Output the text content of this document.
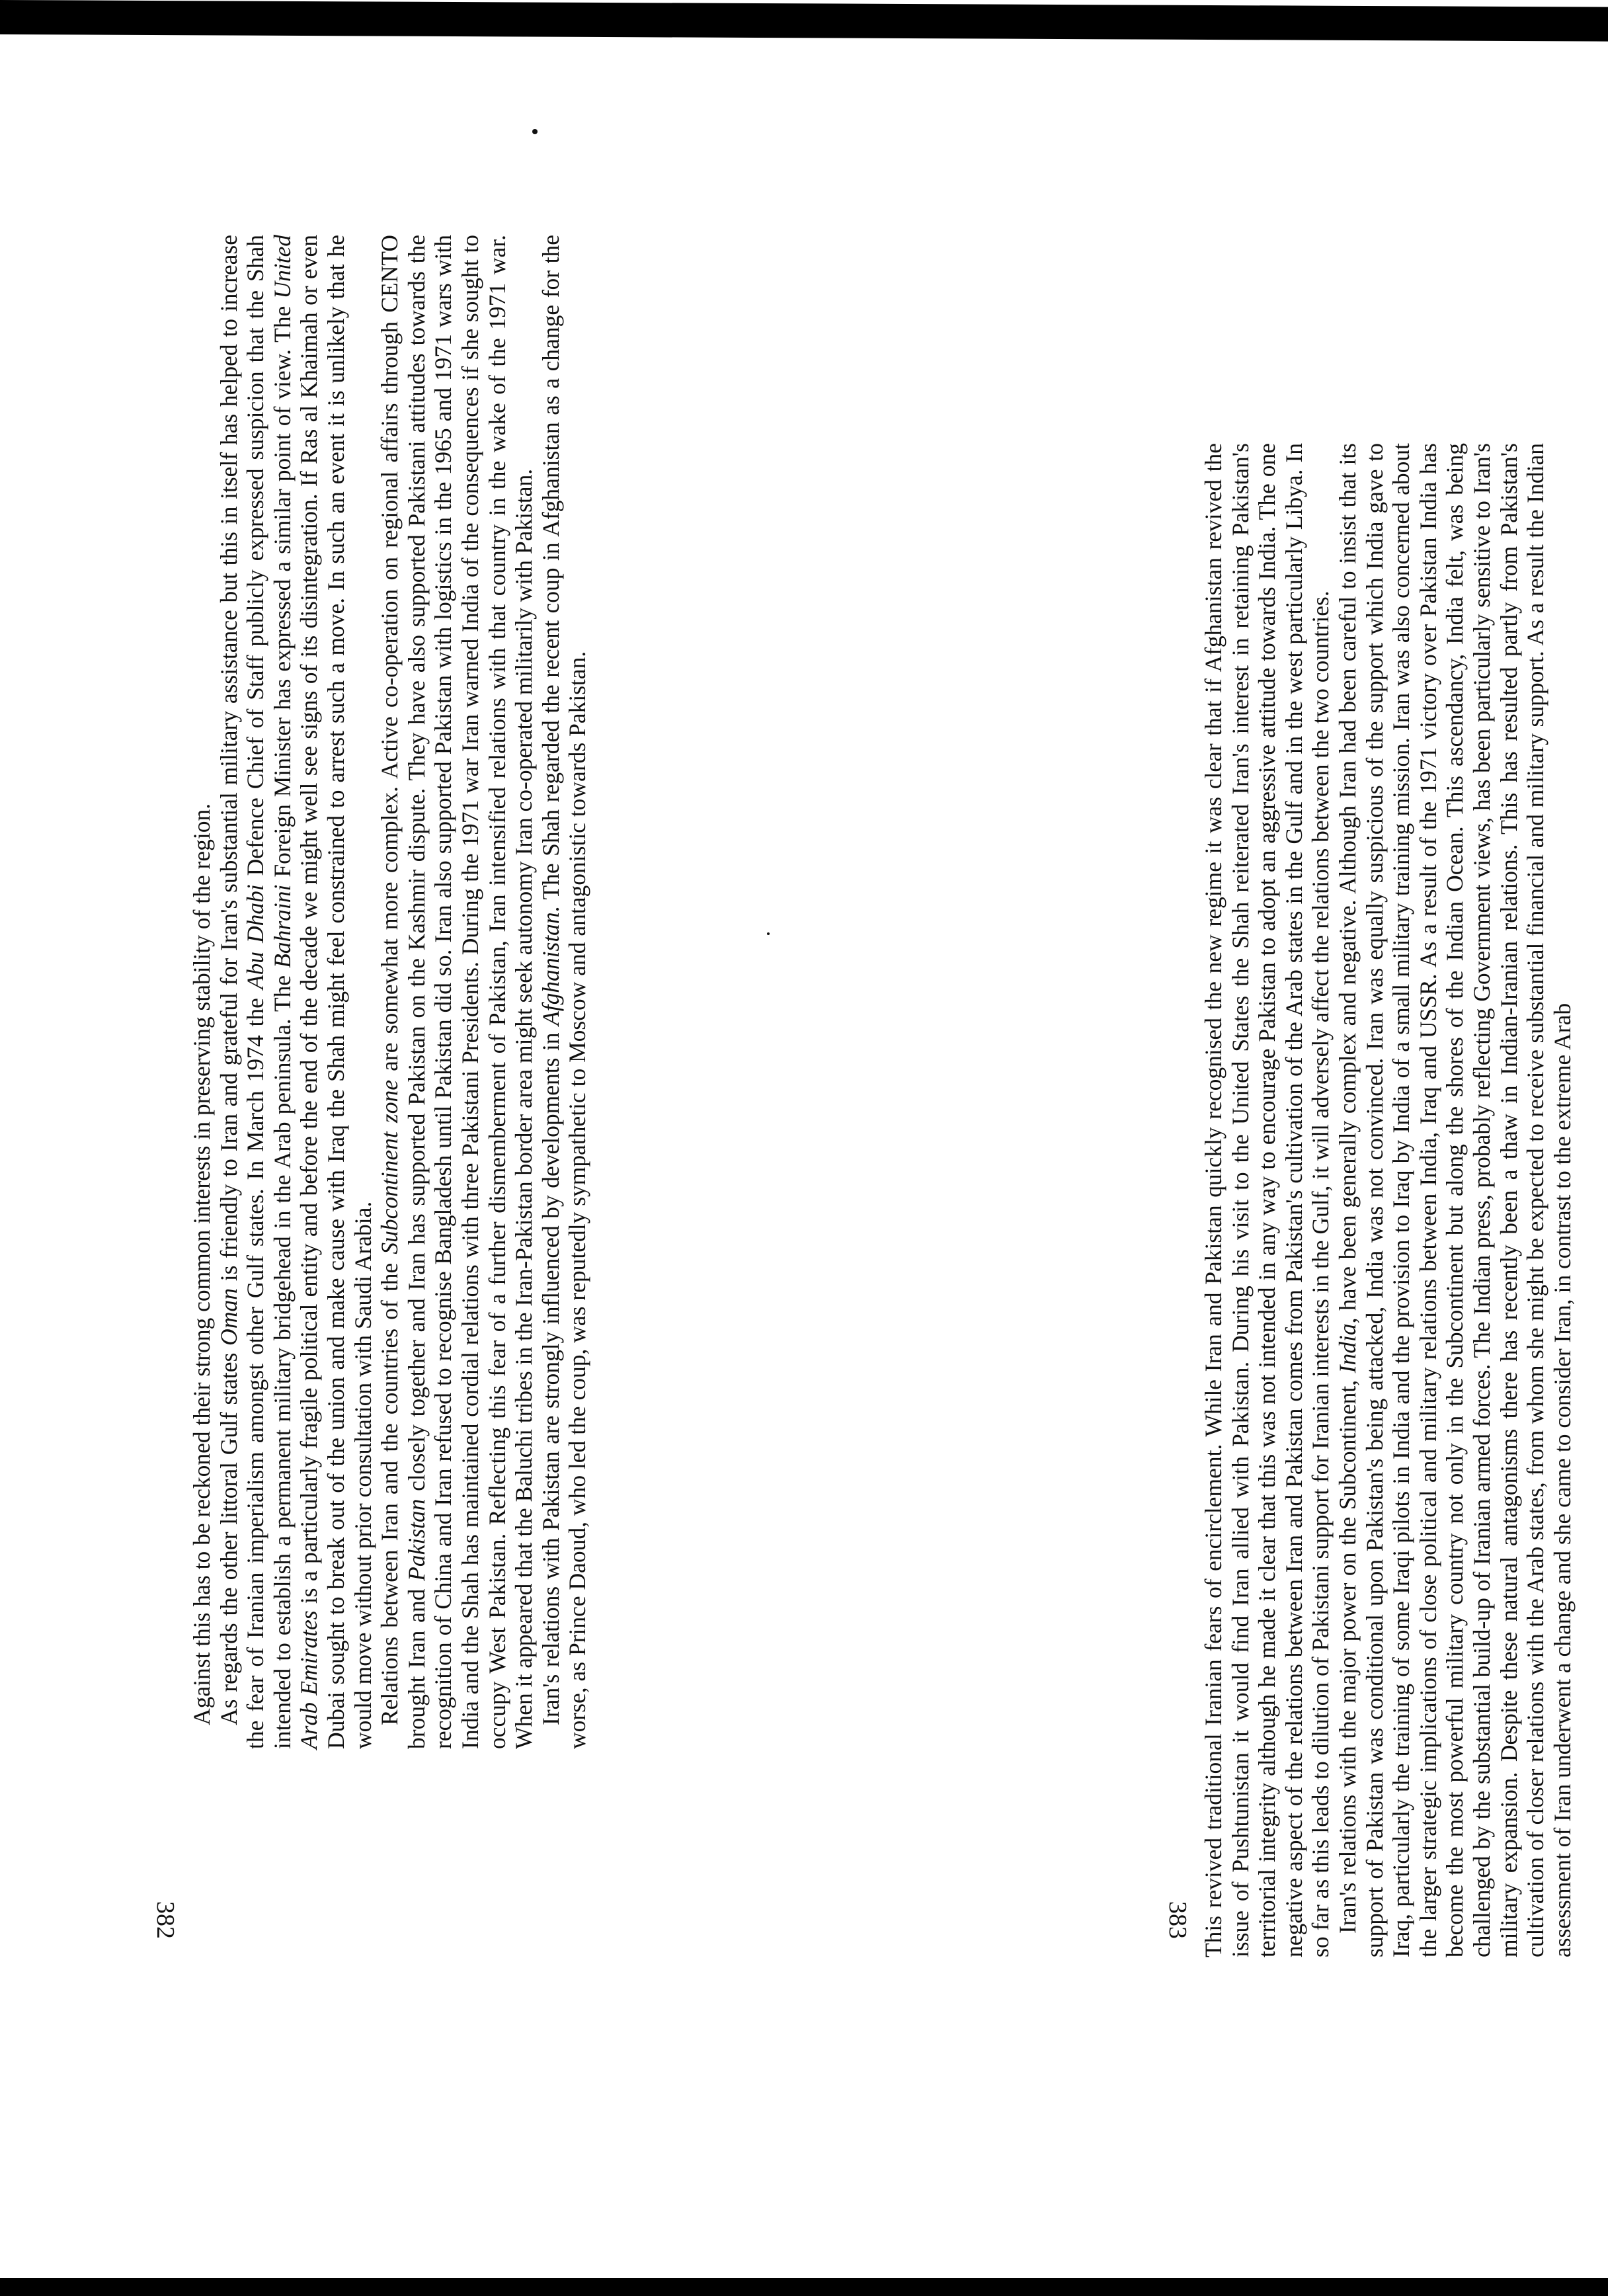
Against this has to be reckoned their strong common interests in preserving stability of the region. As regards the other littoral Gulf states Oman is friendly to Iran and grateful for Iran's substantial military assistance but this in itself has helped to increase the fear of Iranian imperialism amongst other Gulf states. In March 1974 the Abu Dhabi Defence Chief of Staff publicly expressed suspicion that the Shah intended to establish a permanent military bridgehead in the Arab peninsula. The Bahraini Foreign Minister has expressed a similar point of view. The United Arab Emirates is a particularly fragile political entity and before the end of the decade we might well see signs of its disintegration. If Ras al Khaimah or even Dubai sought to break out of the union and make cause with Iraq the Shah might feel constrained to arrest such a move. In such an event it is unlikely that he would move without prior consultation with Saudi Arabia. Relations between Iran and the countries of the Subcontinent zone are somewhat more complex. Active co-operation on regional affairs through CENTO brought Iran and Pakistan closely together and Iran has supported Pakistan on the Kashmir dispute. They have also supported Pakistani attitudes towards the recognition of China and Iran refused to recognise Bangladesh until Pakistan did so. Iran also supported Pakistan with logistics in the 1965 and 1971 wars with India and the Shah has maintained cordial relations with three Pakistani Presidents. During the 1971 war Iran warned India of the consequences if she sought to occupy West Pakistan. Reflecting this fear of a further dismemberment of Pakistan, Iran intensified relations with that country in the wake of the 1971 war. When it appeared that the Baluchi tribes in the Iran-Pakistan border area might seek autonomy Iran co-operated militarily with Pakistan. Iran's relations with Pakistan are strongly influenced by developments in Afghanistan. The Shah regarded the recent coup in Afghanistan as a change for the worse, as Prince Daoud, who led the coup, was reputedly sympathetic to Moscow and antagonistic towards Pakistan.	This revived traditional Iranian fears of encirclement. While Iran and Pakistan quickly recognised the new regime it was clear that if Afghanistan revived the issue of Pushtunistan it would find Iran allied with Pakistan. During his visit to the United States the Shah reiterated Iran's interest in retaining Pakistan's territorial integrity although he made it clear that this was not intended in any way to encourage Pakistan to adopt an aggressive attitude towards India. The one negative aspect of the relations between Iran and Pakistan comes from Pakistan's cultivation of the Arab states in the Gulf and in the west particularly Libya. In so far as this leads to dilution of Pakistani support for Iranian interests in the Gulf, it will adversely affect the relations between the two countries. Iran's relations with the major power on the Subcontinent, India, have been generally complex and negative. Although Iran had been careful to insist that its support of Pakistan was conditional upon Pakistan's being attacked, India was not convinced. Iran was equally suspicious of the support which India gave to Iraq, particularly the training of some Iraqi pilots in India and the provision to Iraq by India of a small military training mission. Iran was also concerned about the larger strategic implications of close political and military relations between India, Iraq and USSR. As a result of the 1971 victory over Pakistan India has become the most powerful military country not only in the Subcontinent but along the shores of the Indian Ocean. This ascendancy, India felt, was being challenged by the substantial build-up of Iranian armed forces. The Indian press, probably reflecting Government views, has been particularly sensitive to Iran's military expansion. Despite these natural antagonisms there has recently been a thaw in Indian-Iranian relations. This has resulted partly from Pakistan's cultivation of closer relations with the Arab states, from whom she might be expected to receive substantial financial and military support. As a result the Indian assessment of Iran underwent a change and she came to consider Iran, in contrast to the extreme Arab

382	383
